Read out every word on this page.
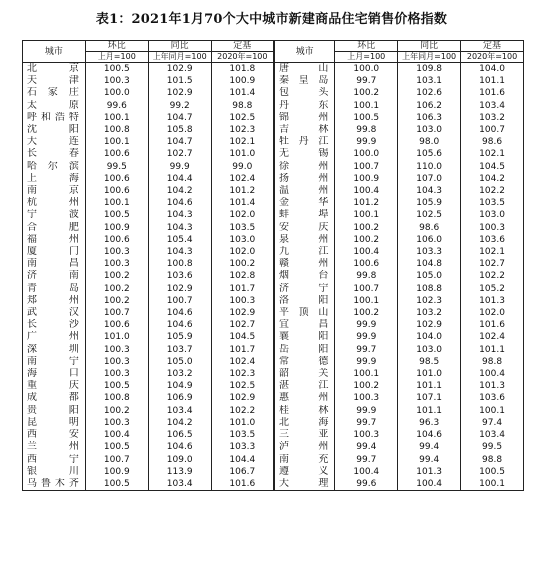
表1：2021年1月70个大中城市新建商品住宅销售价格指数
城市	环比	同比	定基	城市	环比	同比	定基
	上月=100	上年同月=100	2020年=100		上月=100	上年同月=100	2020年=100
北 京	100.5	102.9	101.8	唐 山	100.0	109.8	104.0
天 津	100.3	101.5	100.9	秦皇岛	99.7	103.1	101.1
石家庄	100.0	102.9	101.4	包 头	100.2	102.6	101.6
太 原	99.6	99.2	98.8	丹 东	100.1	106.2	103.4
呼和浩特	100.1	104.7	102.5	锦 州	100.5	106.3	103.2
沈 阳	100.8	105.8	102.3	吉 林	99.8	103.0	100.7
大 连	100.1	104.7	102.1	牡丹江	99.9	98.0	98.6
长 春	100.6	102.7	101.0	无 锡	100.0	105.6	102.1
哈尔滨	99.5	99.9	99.0	徐 州	100.7	110.0	104.5
上 海	100.6	104.4	102.4	扬 州	100.9	107.0	104.2
南 京	100.6	104.2	101.2	温 州	100.4	104.3	102.2
杭 州	100.1	104.6	101.4	金 华	101.2	105.9	103.5
宁 波	100.5	104.3	102.0	蚌 埠	100.1	102.5	103.0
合 肥	100.9	104.3	103.5	安 庆	100.2	98.6	100.3
福 州	100.6	105.4	103.0	泉 州	100.2	106.0	103.6
厦 门	100.3	104.3	102.0	九 江	100.4	103.3	102.1
南 昌	100.3	100.8	100.2	赣 州	100.6	104.8	102.7
济 南	100.2	103.6	102.8	烟 台	99.8	105.0	102.2
青 岛	100.2	102.9	101.7	济 宁	100.7	108.8	105.2
郑 州	100.2	100.7	100.3	洛 阳	100.1	102.3	101.3
武 汉	100.7	104.6	102.9	平顶山	100.2	103.2	102.0
长 沙	100.6	104.6	102.7	宜 昌	99.9	102.9	101.6
广 州	101.0	105.9	104.5	襄 阳	99.9	104.0	102.4
深 圳	100.3	103.7	101.7	岳 阳	99.7	103.0	101.1
南 宁	100.3	105.0	102.4	常 德	99.9	98.5	98.8
海 口	100.3	103.2	102.3	韶 关	100.1	101.0	100.4
重 庆	100.5	104.9	102.5	湛 江	100.2	101.1	101.3
成 都	100.8	106.9	102.9	惠 州	100.3	107.1	103.6
贵 阳	100.2	103.4	102.2	桂 林	99.9	101.1	100.1
昆 明	100.3	104.2	101.0	北 海	99.7	96.3	97.4
西 安	100.4	106.5	103.5	三 亚	100.3	104.6	103.4
兰 州	100.5	104.6	103.3	泸 州	99.4	99.4	99.5
西 宁	100.7	109.0	104.4	南 充	99.7	99.4	98.8
银 川	100.9	113.9	106.7	遵 义	100.4	101.3	100.5
乌鲁木齐	100.5	103.4	101.6	大 理	99.6	100.4	100.1
